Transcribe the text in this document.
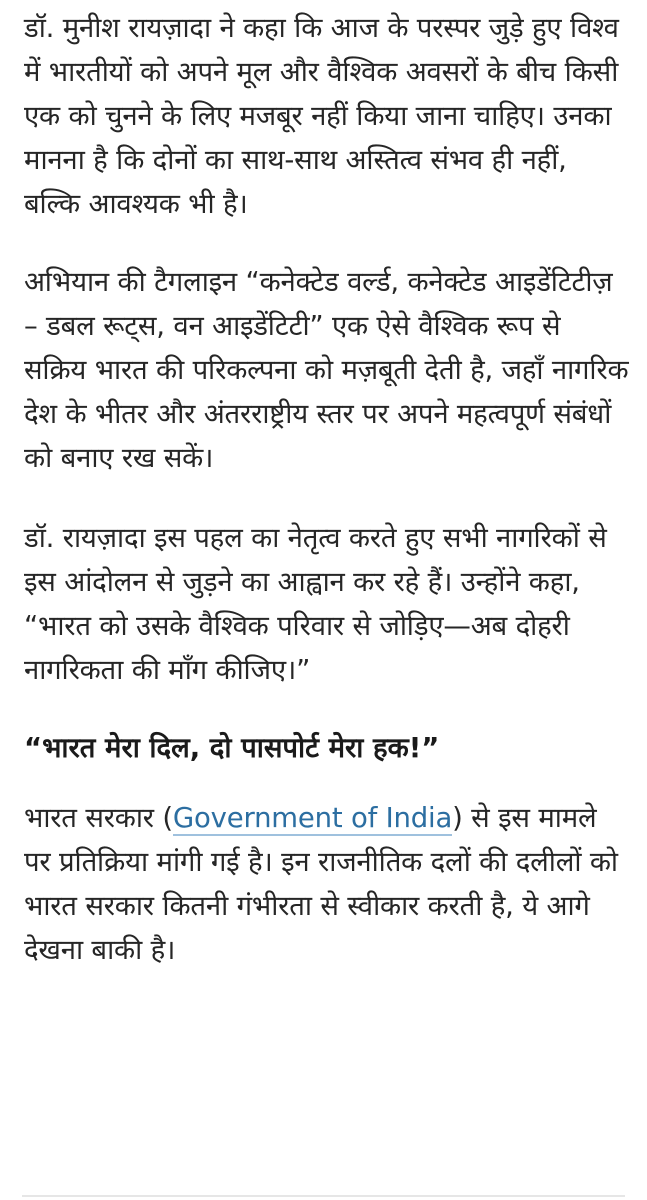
डॉ. मुनीश रायज़ादा ने कहा कि आज के परस्पर जुड़े हुए विश्व में भारतीयों को अपने मूल और वैश्विक अवसरों के बीच किसी एक को चुनने के लिए मजबूर नहीं किया जाना चाहिए। उनका मानना है कि दोनों का साथ-साथ अस्तित्व संभव ही नहीं, बल्कि आवश्यक भी है।

अभियान की टैगलाइन “कनेक्टेड वर्ल्ड, कनेक्टेड आइडेंटिटीज़ – डबल रूट्स, वन आइडेंटिटी” एक ऐसे वैश्विक रूप से सक्रिय भारत की परिकल्पना को मज़बूती देती है, जहाँ नागरिक देश के भीतर और अंतरराष्ट्रीय स्तर पर अपने महत्वपूर्ण संबंधों को बनाए रख सकें।

डॉ. रायज़ादा इस पहल का नेतृत्व करते हुए सभी नागरिकों से इस आंदोलन से जुड़ने का आह्वान कर रहे हैं। उन्होंने कहा, “भारत को उसके वैश्विक परिवार से जोड़िए—अब दोहरी नागरिकता की माँग कीजिए।”

“भारत मेरा दिल, दो पासपोर्ट मेरा हक!”

भारत सरकार (Government of India) से इस मामले पर प्रतिक्रिया मांगी गई है। इन राजनीतिक दलों की दलीलों को भारत सरकार कितनी गंभीरता से स्वीकार करती है, ये आगे देखना बाकी है।
